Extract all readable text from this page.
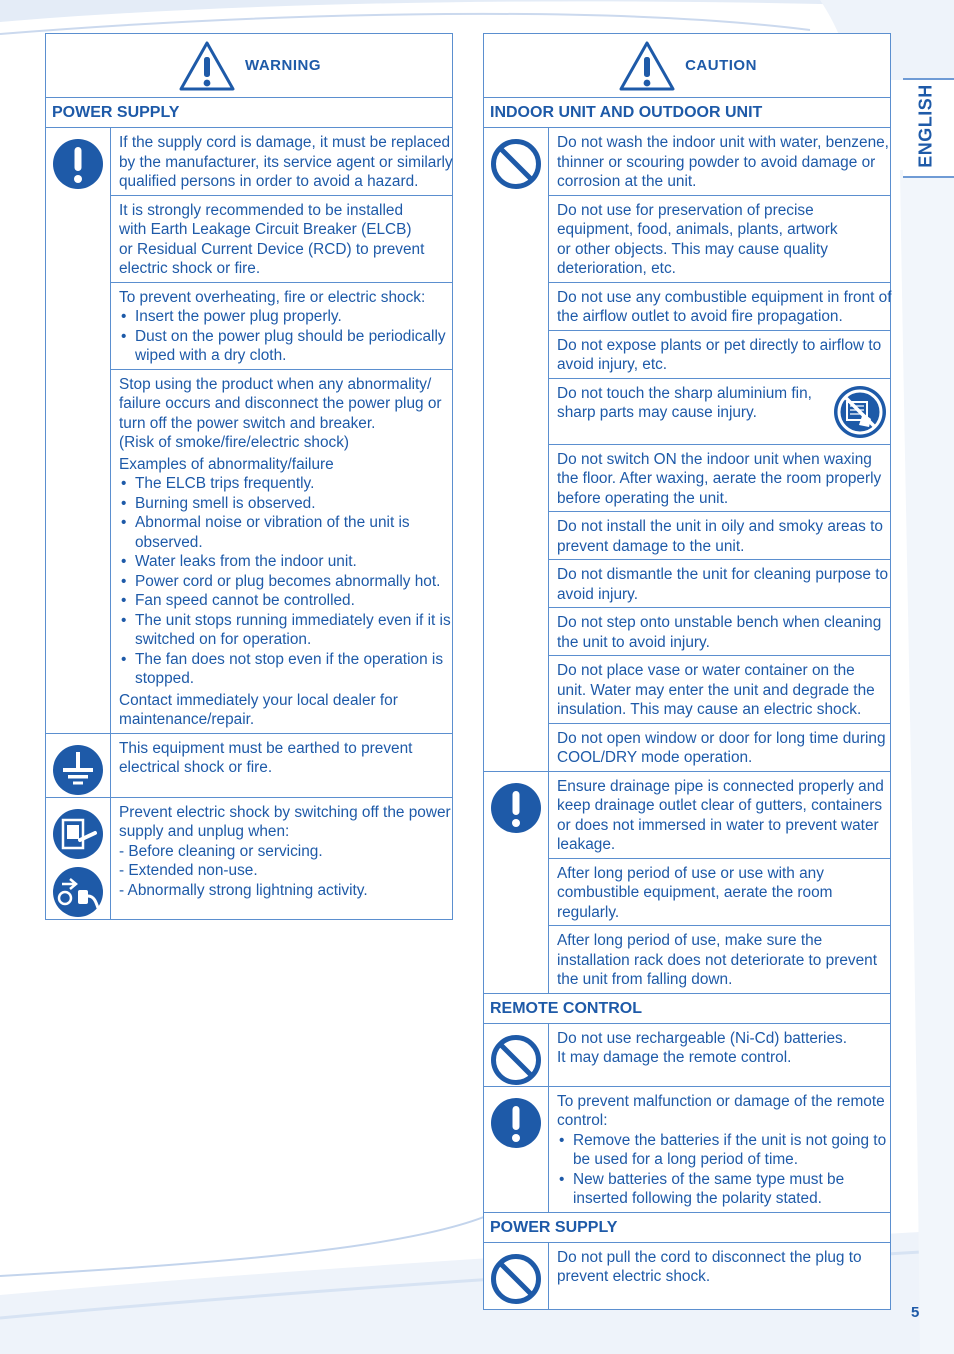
WARNING
POWER SUPPLY
If the supply cord is damage, it must be replaced
by the manufacturer, its service agent or similarly
qualified persons in order to avoid a hazard.
It is strongly recommended to be installed
with Earth Leakage Circuit Breaker (ELCB)
or Residual Current Device (RCD) to prevent
electric shock or fire.
To prevent overheating, fire or electric shock:
• Insert the power plug properly.
• Dust on the power plug should be periodically
wiped with a dry cloth.
Stop using the product when any abnormality/
failure occurs and disconnect the power plug or
turn off the power switch and breaker.
(Risk of smoke/fire/electric shock)
Examples of abnormality/failure
• The ELCB trips frequently.
• Burning smell is observed.
• Abnormal noise or vibration of the unit is
observed.
• Water leaks from the indoor unit.
• Power cord or plug becomes abnormally hot.
• Fan speed cannot be controlled.
• The unit stops running immediately even if it is
switched on for operation.
• The fan does not stop even if the operation is
stopped.
Contact immediately your local dealer for
maintenance/repair.
This equipment must be earthed to prevent
electrical shock or fire.
Prevent electric shock by switching off the power
supply and unplug when:
- Before cleaning or servicing.
- Extended non-use.
- Abnormally strong lightning activity.
CAUTION
INDOOR UNIT AND OUTDOOR UNIT
Do not wash the indoor unit with water, benzene,
thinner or scouring powder to avoid damage or
corrosion at the unit.
Do not use for preservation of precise
equipment, food, animals, plants, artwork
or other objects. This may cause quality
deterioration, etc.
Do not use any combustible equipment in front of
the airflow outlet to avoid fire propagation.
Do not expose plants or pet directly to airflow to
avoid injury, etc.
Do not touch the sharp aluminium fin,
sharp parts may cause injury.
Do not switch ON the indoor unit when waxing
the floor. After waxing, aerate the room properly
before operating the unit.
Do not install the unit in oily and smoky areas to
prevent damage to the unit.
Do not dismantle the unit for cleaning purpose to
avoid injury.
Do not step onto unstable bench when cleaning
the unit to avoid injury.
Do not place vase or water container on the
unit. Water may enter the unit and degrade the
insulation. This may cause an electric shock.
Do not open window or door for long time during
COOL/DRY mode operation.
Ensure drainage pipe is connected properly and
keep drainage outlet clear of gutters, containers
or does not immersed in water to prevent water
leakage.
After long period of use or use with any
combustible equipment, aerate the room
regularly.
After long period of use, make sure the
installation rack does not deteriorate to prevent
the unit from falling down.
REMOTE CONTROL
Do not use rechargeable (Ni-Cd) batteries.
It may damage the remote control.
To prevent malfunction or damage of the remote
control:
• Remove the batteries if the unit is not going to
be used for a long period of time.
• New batteries of the same type must be
inserted following the polarity stated.
POWER SUPPLY
Do not pull the cord to disconnect the plug to
prevent electric shock.
ENGLISH
5
